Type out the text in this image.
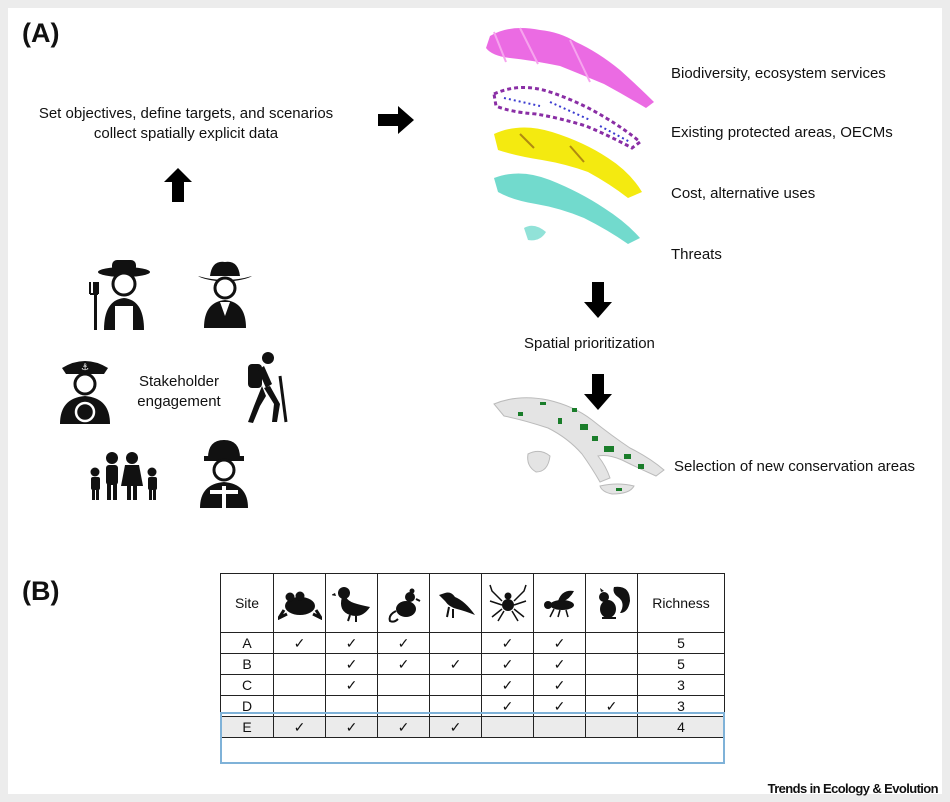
(A)
Set objectives, define targets, and scenarios
collect spatially explicit data
⚓
Stakeholder
engagement
Biodiversity, ecosystem services
Existing protected areas, OECMs
Cost, alternative uses
Threats
Spatial prioritization
Selection of new conservation areas
(B)	Site								Richness
A	✓	✓	✓		✓	✓		5
B		✓	✓	✓	✓	✓		5
C		✓			✓	✓		3
D					✓	✓	✓	3
E	✓	✓	✓	✓				4
Trends in Ecology & Evolution
